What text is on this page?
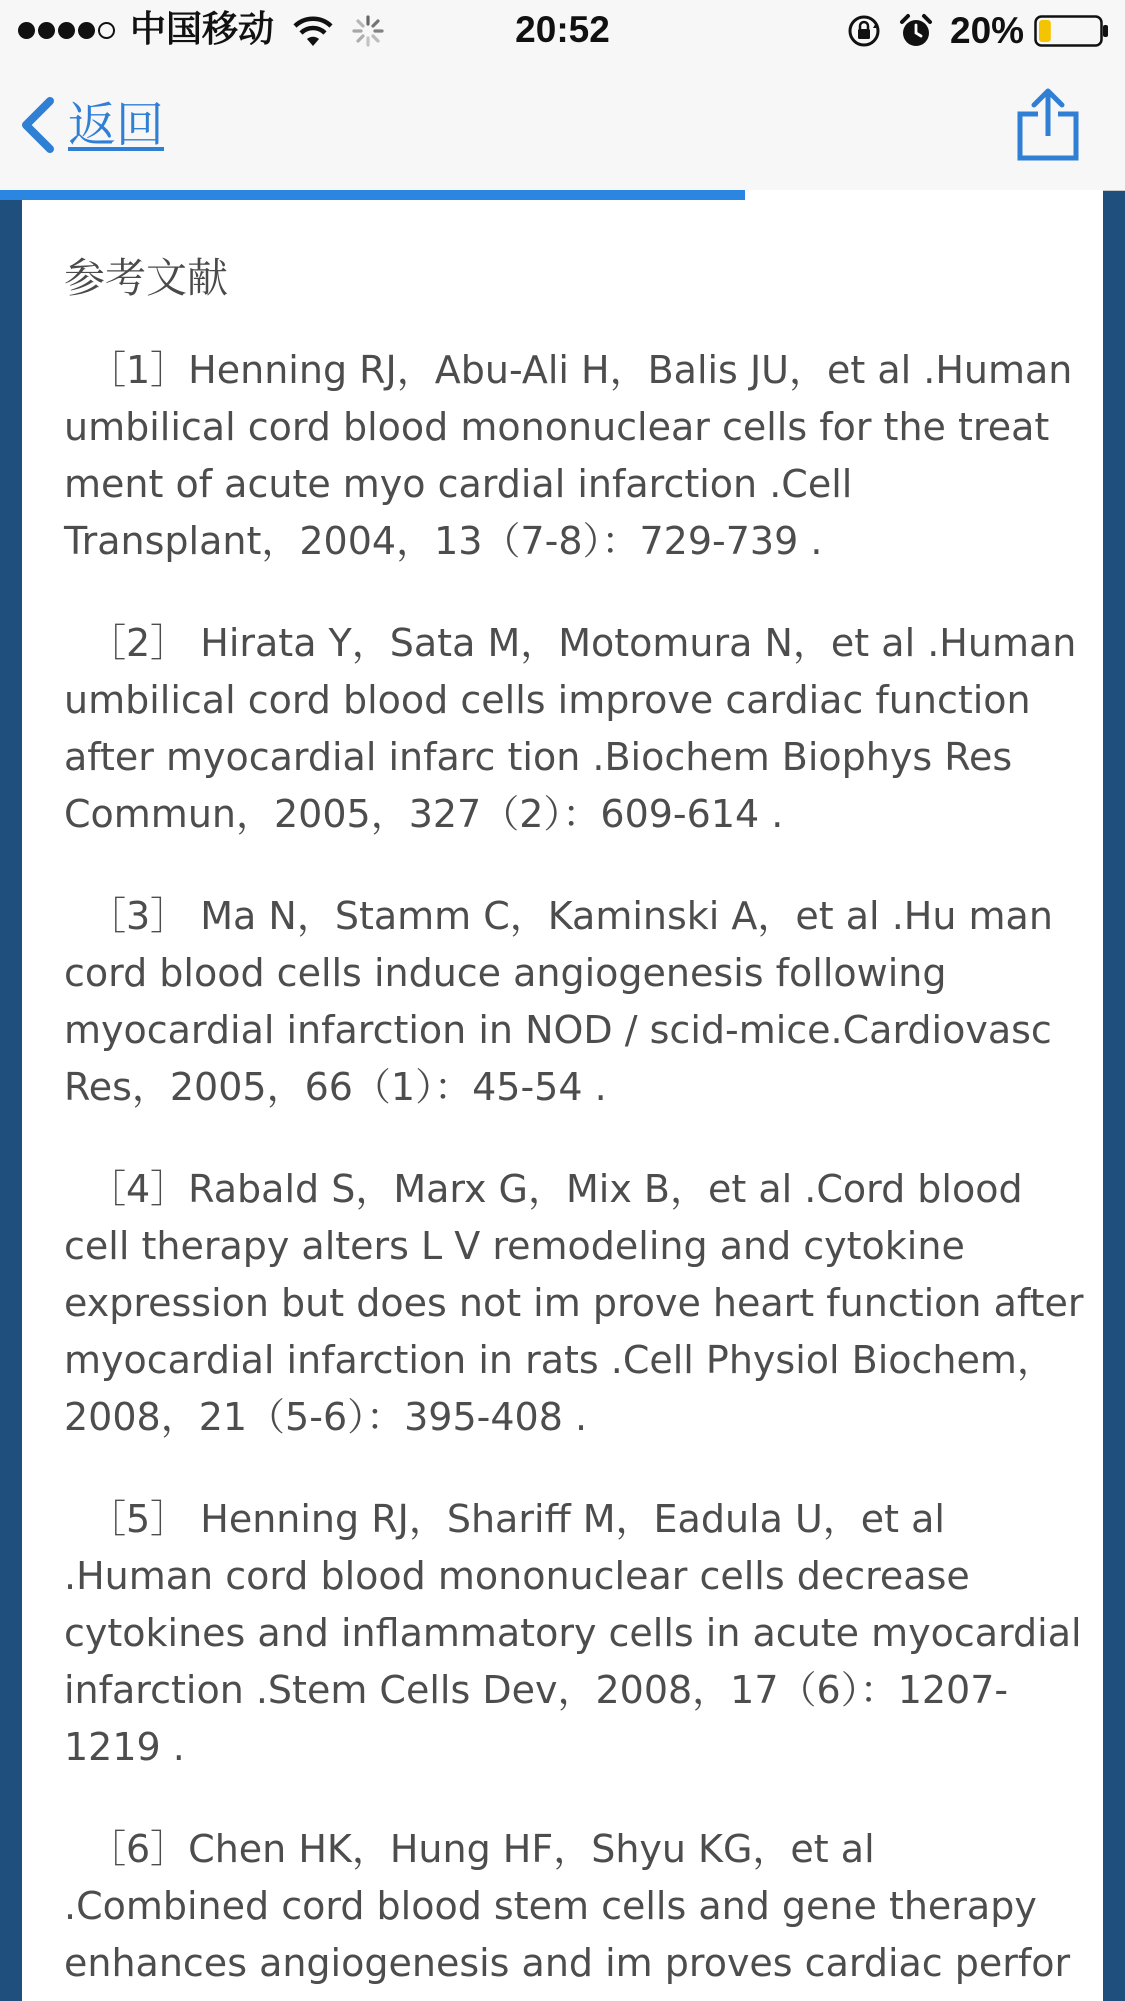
中国移动	20:52	20%
返回
参考文献
［1］Henning RJ，Abu-Ali H，Balis JU，et al .Human umbilical cord blood mononuclear cells for the treat ment of acute myo cardial infarction .Cell Transplant，2004，13（7-8）：729-739 .
［2］ Hirata Y，Sata M，Motomura N，et al .Human umbilical cord blood cells improve cardiac function after myocardial infarc tion .Biochem Biophys Res Commun，2005，327（2）：609-614 .
［3］ Ma N，Stamm C，Kaminski A，et al .Hu man cord blood cells induce angiogenesis following myocardial infarction in NOD / scid-mice.Cardiovasc Res，2005，66（1）：45-54 .
［4］Rabald S，Marx G，Mix B，et al .Cord blood cell therapy alters L V remodeling and cytokine expression but does not im prove heart function after myocardial infarction in rats .Cell Physiol Biochem，2008，21（5-6）：395-408 .
［5］ Henning RJ，Shariff M，Eadula U，et al .Human cord blood mononuclear cells decrease cytokines and inflammatory cells in acute myocardial infarction .Stem Cells Dev，2008，17（6）：1207-1219 .
［6］Chen HK，Hung HF，Shyu KG，et al .Combined cord blood stem cells and gene therapy enhances angiogenesis and im proves cardiac perfor
